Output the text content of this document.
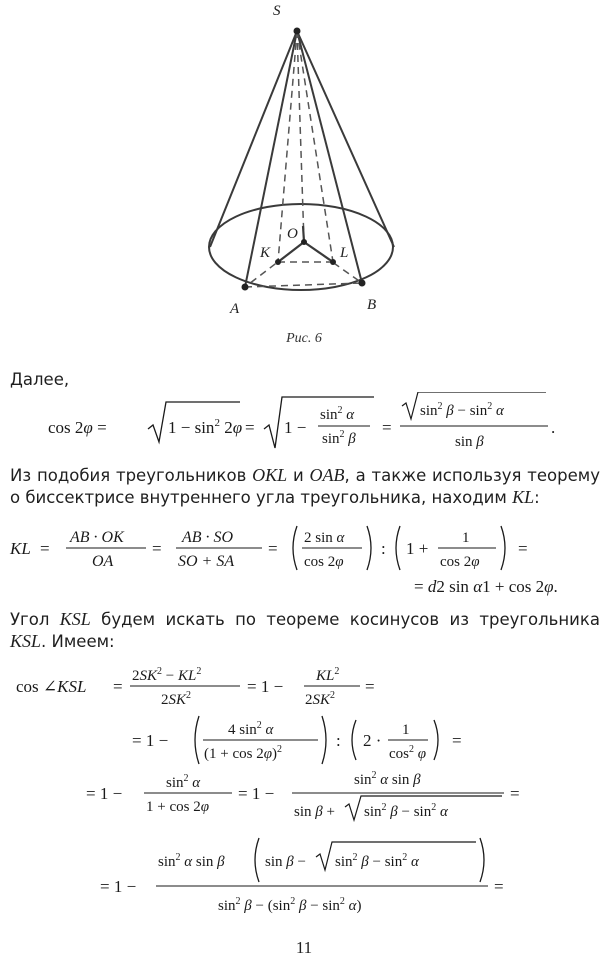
S
O
K	L
A	B
Рис. 6
Далее,
cos 2φ =	$1 - \sin^2 2\varphi = 1$ −
$\sin^2 \alpha$
$\sin^2 \beta$
=
$\sin^2 \beta - \sin^2 \alpha$
sin β
.
Из подобия треугольников OKL и OAB, а также используя теорему
о биссектрисе внутреннего угла треугольника, находим KL:
KL =
AB · OK
OA
=
AB · SO
SO + SA
=
2 sin α
cos 2φ
: 1 +
1
cos 2φ
=
= d2 sin α1 + cos 2φ.
Угол KSL будем искать по теореме косинусов из треугольника
KSL. Имеем:
cos ∠KSL =
$2SK^2 - KL^2$
$2SK^2$	= 1 −
$KL^2$
$2SK^2$ =
= 1 −
4 $\sin^2 \alpha$
$(1 + \cos 2\varphi)^2$	: 2 ·
1
$\cos^2 \varphi$
=
= 1 −
$\sin^2 \alpha$
1 + cos 2φ
= 1 −
$\sin^2 \alpha$ sin β
$\sin \beta + \sin^2 \beta - \sin^2 \alpha$
=
= 1 −
$\sin^2 \alpha$ sin β	$\sin \beta - \sin^2 \beta - \sin^2 \alpha$
$\sin^2 \beta - (\sin^2$ $\beta - \sin^2 \alpha$)
=
11
